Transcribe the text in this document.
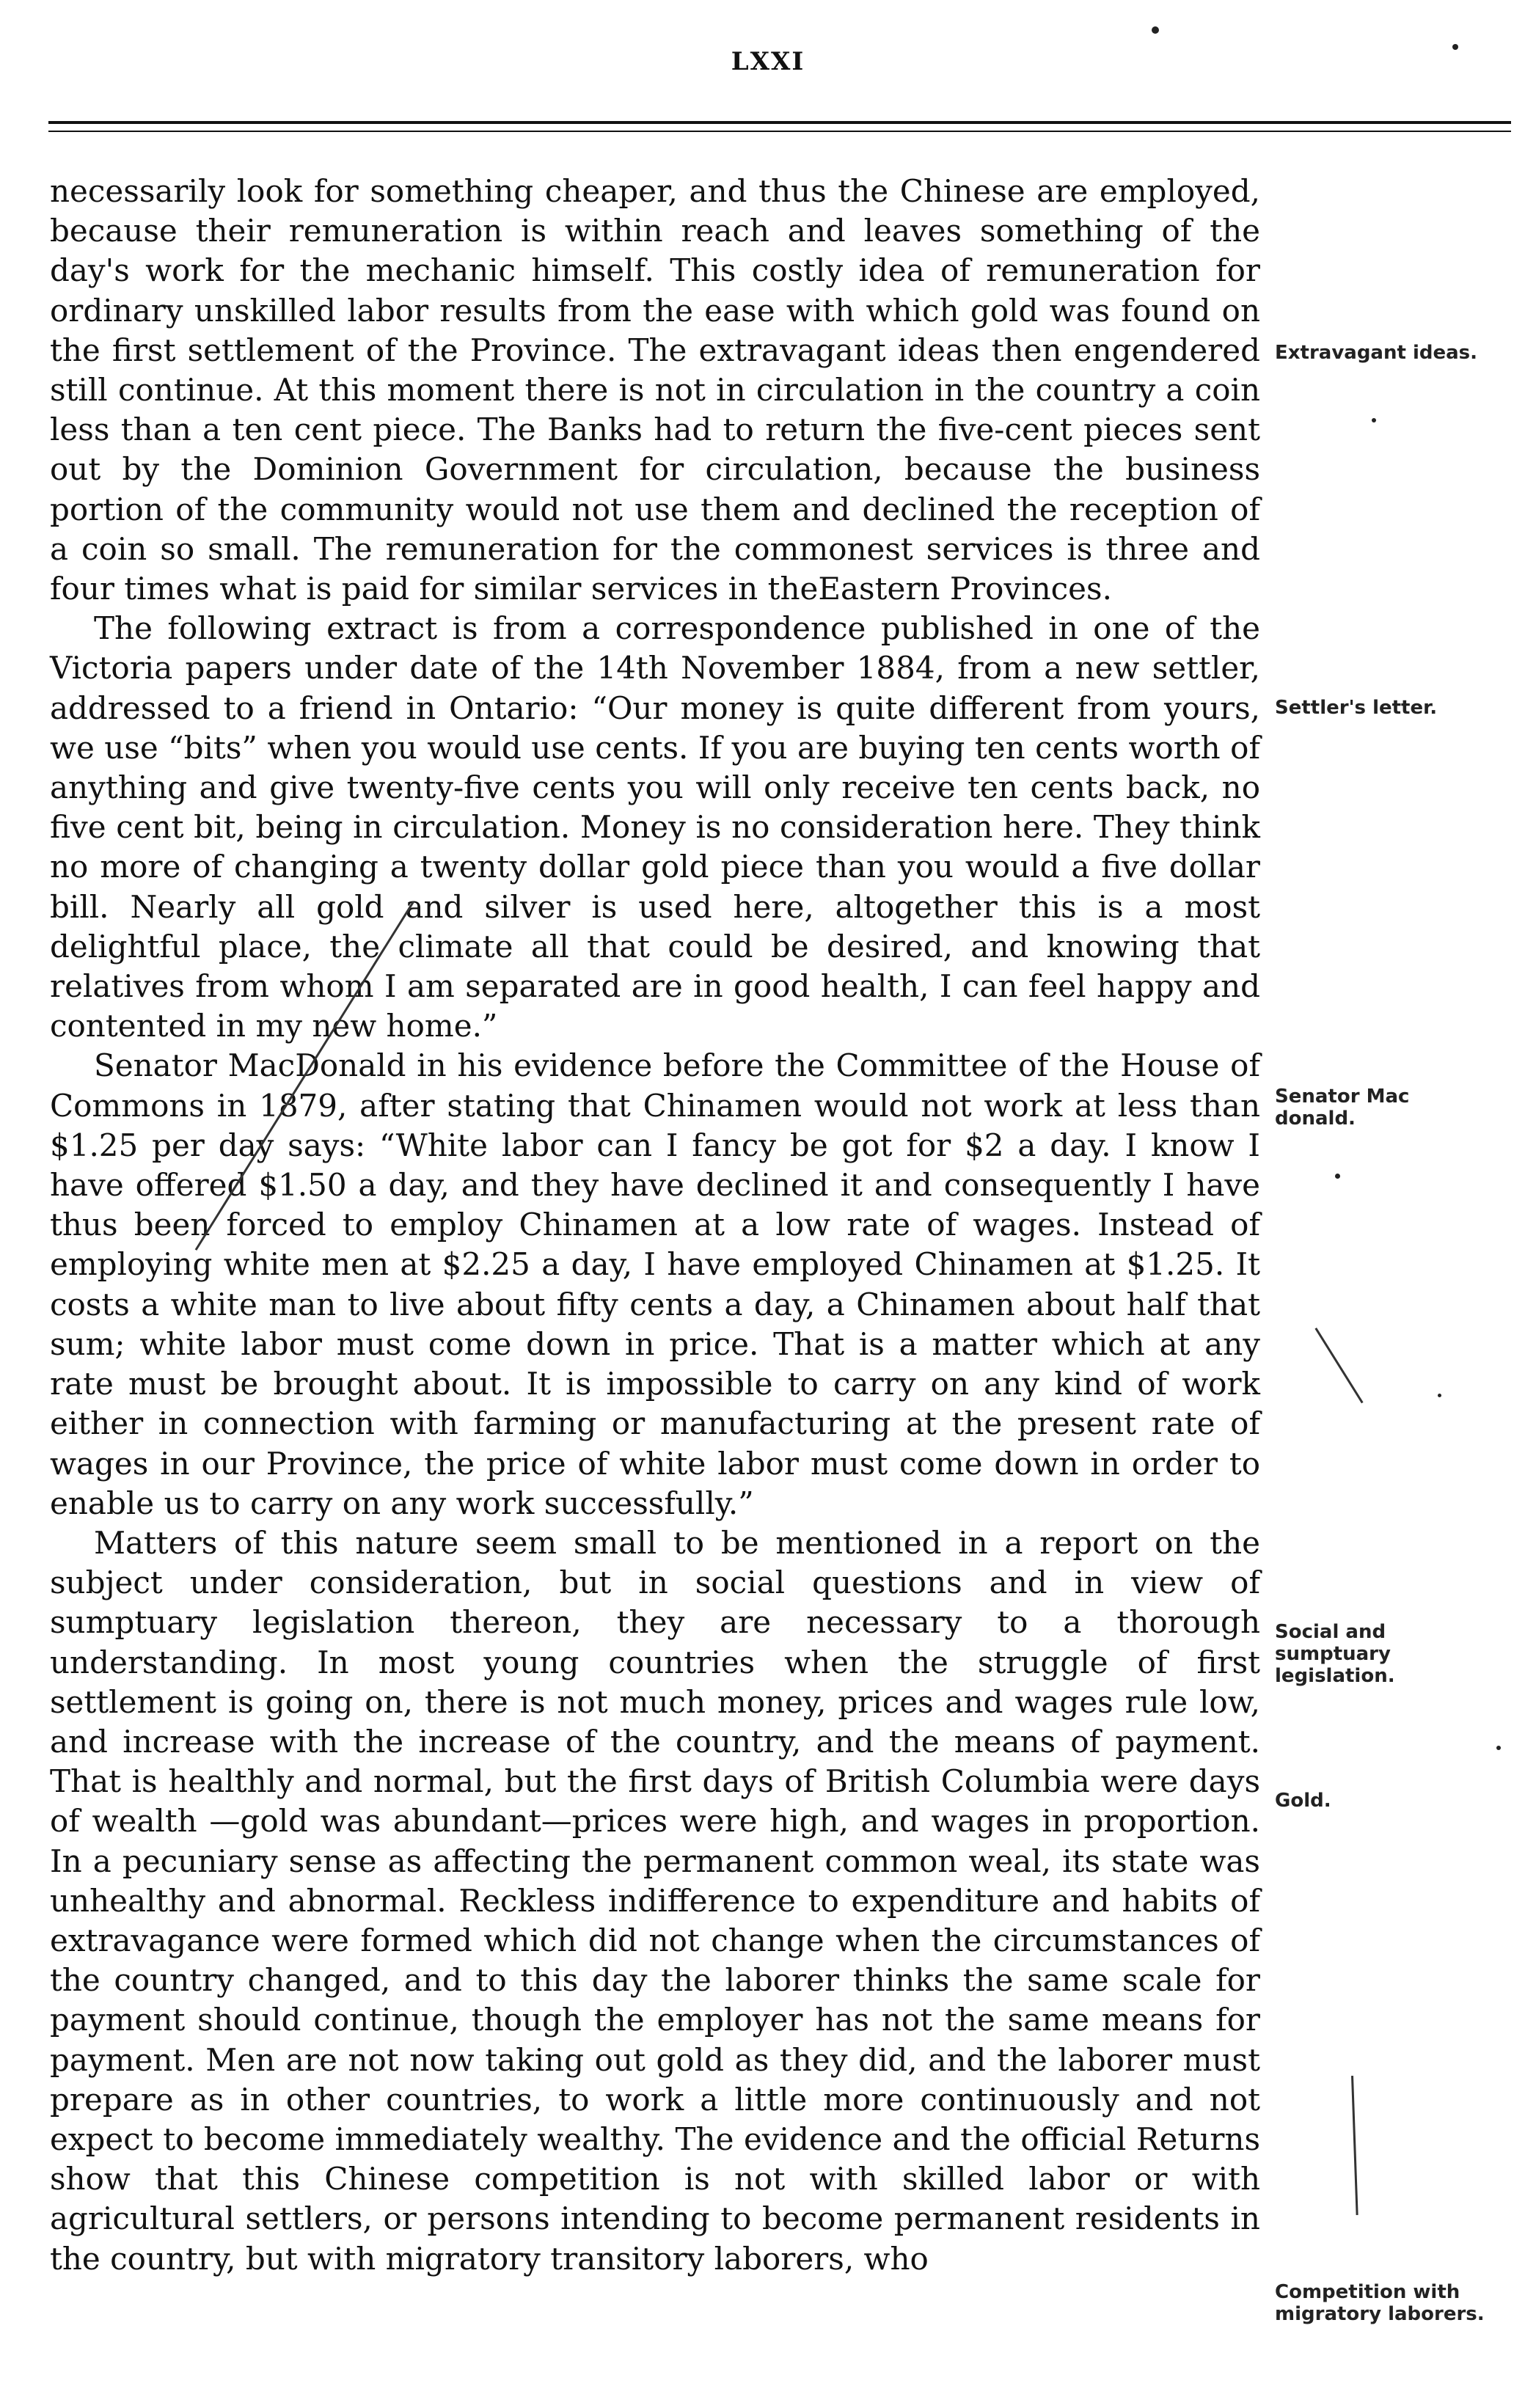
LXXI

necessarily look for something cheaper, and thus the Chinese are employed, because their remuneration is within reach and leaves something of the day's work for the mechanic himself. This costly idea of remuneration for ordinary unskilled labor results from the ease with which gold was found on the first settlement of the Province. The extravagant ideas then engendered still continue. At this moment there is not in circulation in the country a coin less than a ten cent piece. The Banks had to return the five-cent pieces sent out by the Dominion Government for circulation, because the business portion of the community would not use them and declined the reception of a coin so small. The remuneration for the commonest services is three and four times what is paid for similar services in theEastern Provinces.

The following extract is from a correspondence published in one of the Victoria papers under date of the 14th November 1884, from a new settler, addressed to a friend in Ontario: “Our money is quite different from yours, we use “bits” when you would use cents. If you are buying ten cents worth of anything and give twenty-five cents you will only receive ten cents back, no five cent bit, being in circulation. Money is no consideration here. They think no more of changing a twenty dollar gold piece than you would a five dollar bill. Nearly all gold and silver is used here, altogether this is a most delightful place, the climate all that could be desired, and knowing that relatives from whom I am separated are in good health, I can feel happy and contented in my new home.”

Senator MacDonald in his evidence before the Committee of the House of Commons in 1879, after stating that Chinamen would not work at less than $1.25 per day says: “White labor can I fancy be got for $2 a day. I know I have offered $1.50 a day, and they have declined it and consequently I have thus been forced to employ Chinamen at a low rate of wages. Instead of employing white men at $2.25 a day, I have employed Chinamen at $1.25. It costs a white man to live about fifty cents a day, a Chinamen about half that sum; white labor must come down in price. That is a matter which at any rate must be brought about. It is impossible to carry on any kind of work either in connection with farming or manufacturing at the present rate of wages in our Province, the price of white labor must come down in order to enable us to carry on any work successfully.”

Matters of this nature seem small to be mentioned in a report on the subject under consideration, but in social questions and in view of sumptuary legislation thereon, they are necessary to a thorough understanding. In most young countries when the struggle of first settlement is going on, there is not much money, prices and wages rule low, and increase with the increase of the country, and the means of payment. That is healthly and normal, but the first days of British Columbia were days of wealth —gold was abundant—prices were high, and wages in proportion. In a pecuniary sense as affecting the permanent common weal, its state was unhealthy and abnormal. Reckless indifference to expenditure and habits of extravagance were formed which did not change when the circumstances of the country changed, and to this day the laborer thinks the same scale for payment should continue, though the employer has not the same means for payment. Men are not now taking out gold as they did, and the laborer must prepare as in other countries, to work a little more continuously and not expect to become immediately wealthy. The evidence and the official Returns show that this Chinese competition is not with skilled labor or with agricultural settlers, or persons intending to become permanent residents in the country, but with migratory transitory laborers, who

Extravagant ideas.
Settler's letter.
Senator Mac donald.
Social and sumptuary legislation.
Gold.
Competition with migratory laborers.
